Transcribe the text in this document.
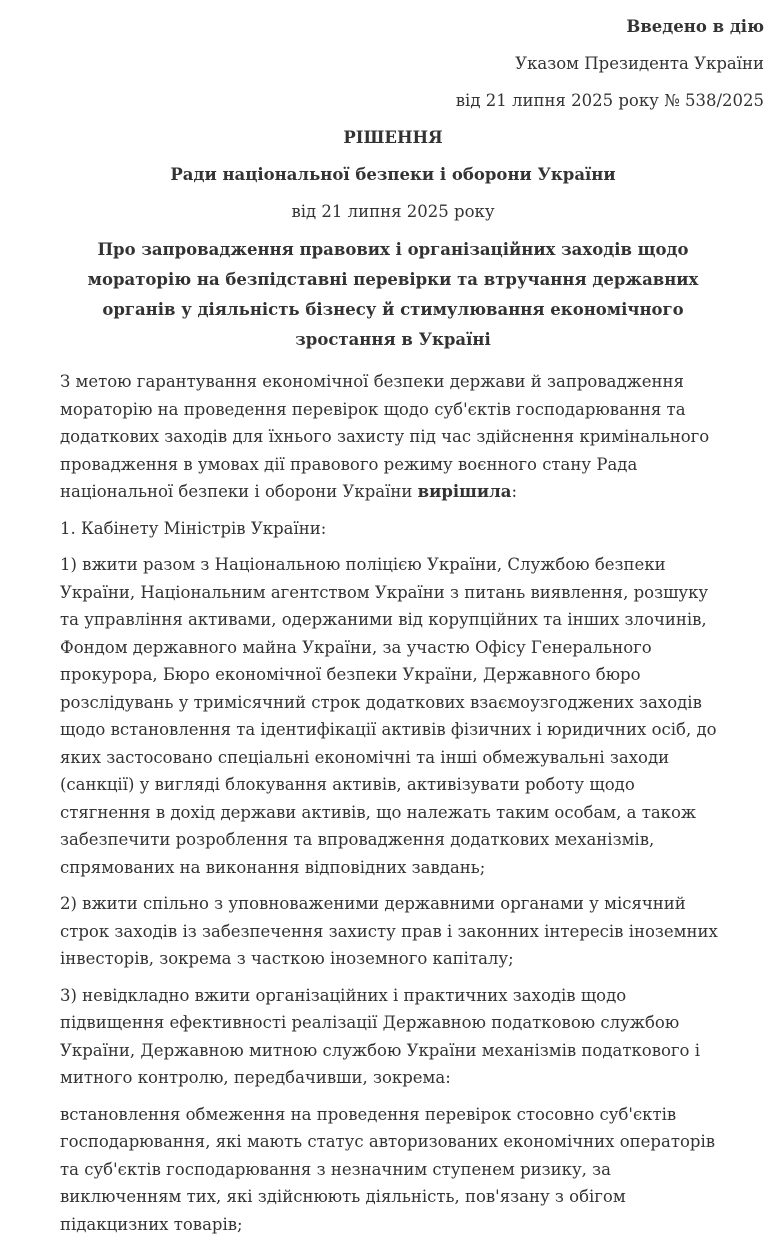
Введено в дію

Указом Президента України

від 21 липня 2025 року № 538/2025

РІШЕННЯ

Ради національної безпеки і оборони України

від 21 липня 2025 року

Про запровадження правових і організаційних заходів щодо мораторію на безпідставні перевірки та втручання державних органів у діяльність бізнесу й стимулювання економічного зростання в Україні

З метою гарантування економічної безпеки держави й запровадження мораторію на проведення перевірок щодо суб'єктів господарювання та додаткових заходів для їхнього захисту під час здійснення кримінального провадження в умовах дії правового режиму воєнного стану Рада національної безпеки і оборони України вирішила:

1. Кабінету Міністрів України:

1) вжити разом з Національною поліцією України, Службою безпеки України, Національним агентством України з питань виявлення, розшуку та управління активами, одержаними від корупційних та інших злочинів, Фондом державного майна України, за участю Офісу Генерального прокурора, Бюро економічної безпеки України, Державного бюро розслідувань у тримісячний строк додаткових взаємоузгоджених заходів щодо встановлення та ідентифікації активів фізичних і юридичних осіб, до яких застосовано спеціальні економічні та інші обмежувальні заходи (санкції) у вигляді блокування активів, активізувати роботу щодо стягнення в дохід держави активів, що належать таким особам, а також забезпечити розроблення та впровадження додаткових механізмів, спрямованих на виконання відповідних завдань;

2) вжити спільно з уповноваженими державними органами у місячний строк заходів із забезпечення захисту прав і законних інтересів іноземних інвесторів, зокрема з часткою іноземного капіталу;

3) невідкладно вжити організаційних і практичних заходів щодо підвищення ефективності реалізації Державною податковою службою України, Державною митною службою України механізмів податкового і митного контролю, передбачивши, зокрема:

встановлення обмеження на проведення перевірок стосовно суб'єктів господарювання, які мають статус авторизованих економічних операторів та суб'єктів господарювання з незначним ступенем ризику, за виключенням тих, які здійснюють діяльність, пов'язану з обігом підакцизних товарів;
